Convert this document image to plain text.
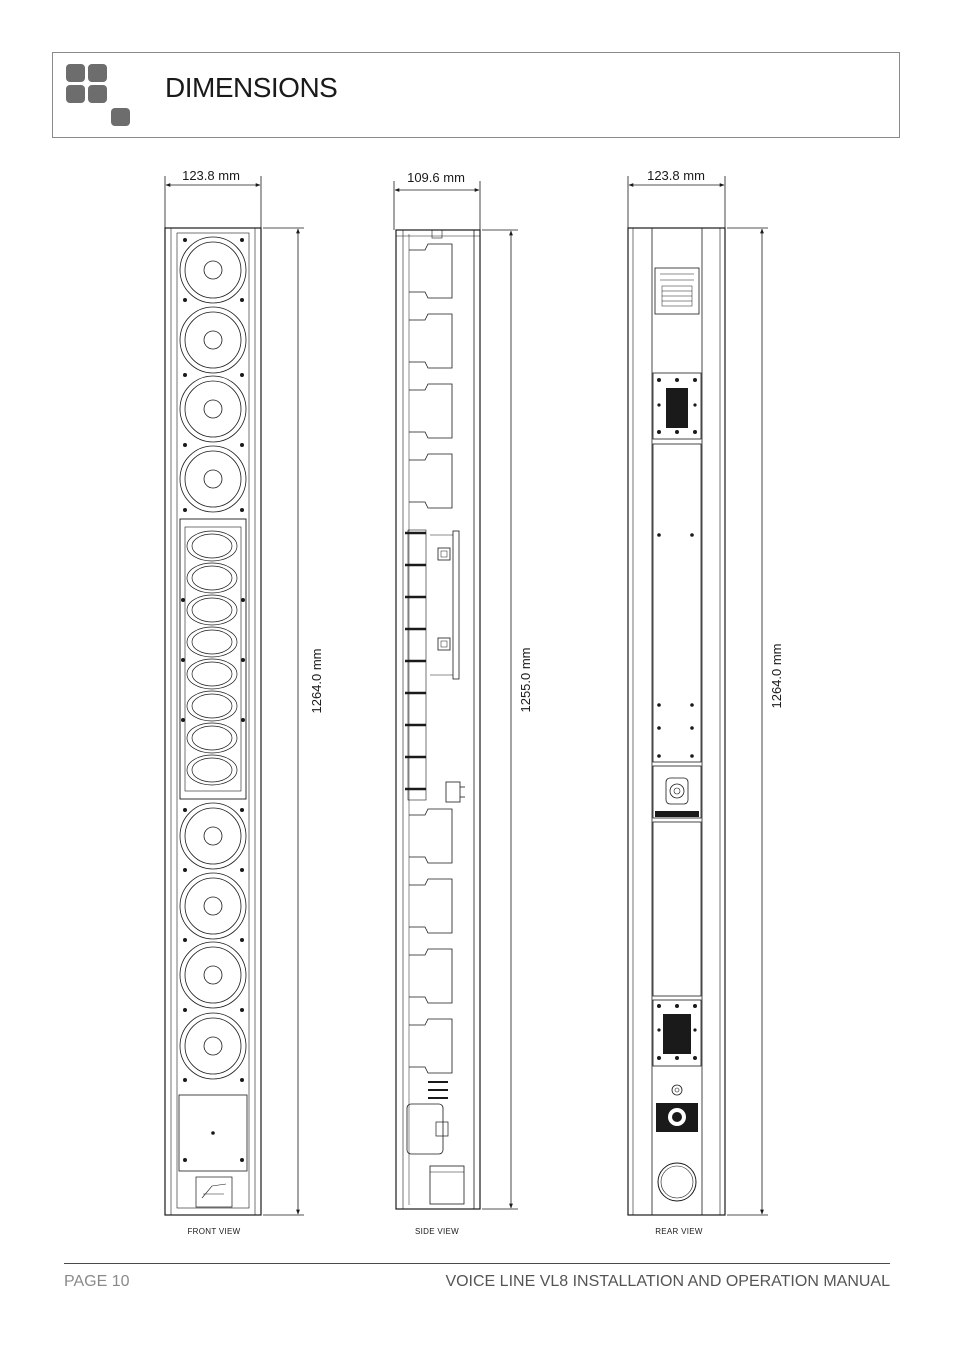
DIMENSIONS
123.8 mm
1264.0 mm
FRONT VIEW
109.6 mm
1255.0 mm
SIDE VIEW
123.8 mm
1264.0 mm
REAR VIEW
PAGE 10	VOICE LINE VL8 INSTALLATION AND OPERATION MANUAL
